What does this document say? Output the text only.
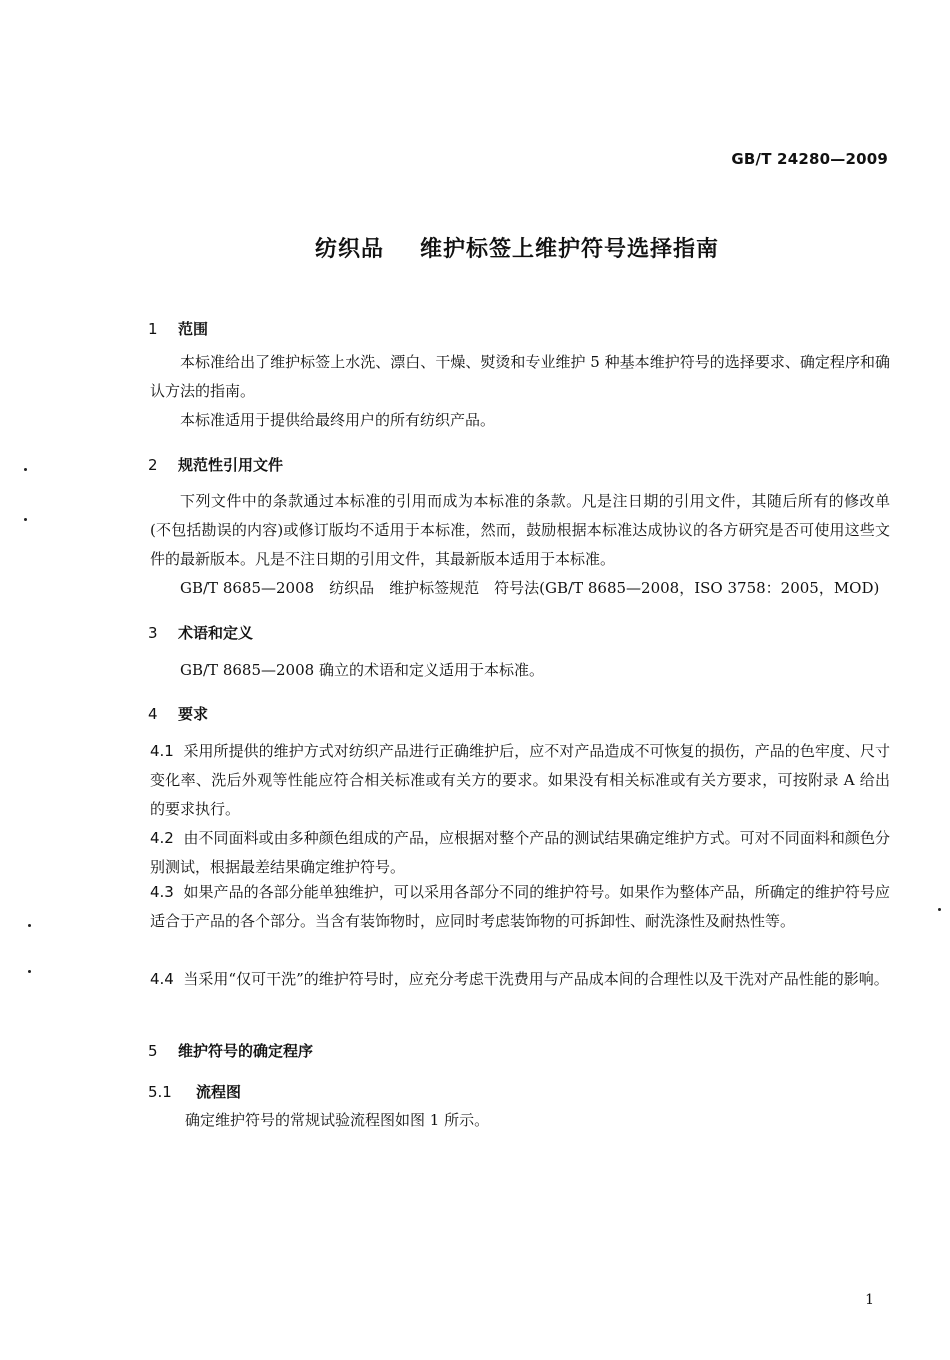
GB/T 24280—2009
纺织品 维护标签上维护符号选择指南
1 范围
本标准给出了维护标签上水洗、漂白、干燥、熨烫和专业维护 5 种基本维护符号的选择要求、确定程序和确认方法的指南。
本标准适用于提供给最终用户的所有纺织产品。
2 规范性引用文件
下列文件中的条款通过本标准的引用而成为本标准的条款。凡是注日期的引用文件，其随后所有的修改单(不包括勘误的内容)或修订版均不适用于本标准，然而，鼓励根据本标准达成协议的各方研究是否可使用这些文件的最新版本。凡是不注日期的引用文件，其最新版本适用于本标准。
GB/T 8685—2008　纺织品　维护标签规范　符号法(GB/T 8685—2008，ISO 3758：2005，MOD)
3 术语和定义
GB/T 8685—2008 确立的术语和定义适用于本标准。
4 要求
4.1 采用所提供的维护方式对纺织产品进行正确维护后，应不对产品造成不可恢复的损伤，产品的色牢度、尺寸变化率、洗后外观等性能应符合相关标准或有关方的要求。如果没有相关标准或有关方要求，可按附录 A 给出的要求执行。
4.2 由不同面料或由多种颜色组成的产品，应根据对整个产品的测试结果确定维护方式。可对不同面料和颜色分别测试，根据最差结果确定维护符号。
4.3 如果产品的各部分能单独维护，可以采用各部分不同的维护符号。如果作为整体产品，所确定的维护符号应适合于产品的各个部分。当含有装饰物时，应同时考虑装饰物的可拆卸性、耐洗涤性及耐热性等。
4.4 当采用“仅可干洗”的维护符号时，应充分考虑干洗费用与产品成本间的合理性以及干洗对产品性能的影响。
5 维护符号的确定程序
5.1 流程图
确定维护符号的常规试验流程图如图 1 所示。
1
